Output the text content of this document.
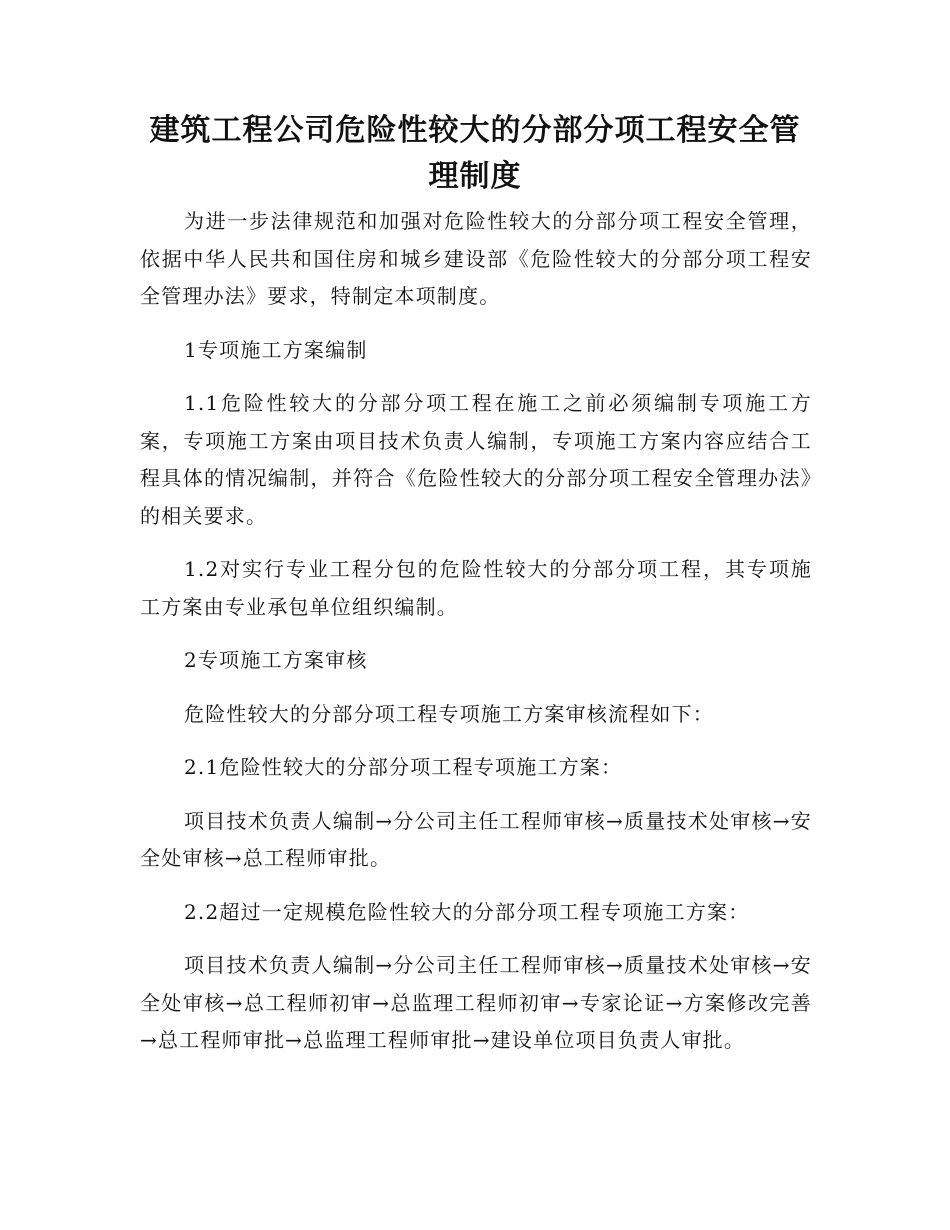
建筑工程公司危险性较大的分部分项工程安全管理制度

为进一步法律规范和加强对危险性较大的分部分项工程安全管理，依据中华人民共和国住房和城乡建设部《危险性较大的分部分项工程安全管理办法》要求，特制定本项制度。

1专项施工方案编制

1.1危险性较大的分部分项工程在施工之前必须编制专项施工方案，专项施工方案由项目技术负责人编制，专项施工方案内容应结合工程具体的情况编制，并符合《危险性较大的分部分项工程安全管理办法》的相关要求。

1.2对实行专业工程分包的危险性较大的分部分项工程，其专项施工方案由专业承包单位组织编制。

2专项施工方案审核

危险性较大的分部分项工程专项施工方案审核流程如下：

2.1危险性较大的分部分项工程专项施工方案：

项目技术负责人编制→分公司主任工程师审核→质量技术处审核→安全处审核→总工程师审批。

2.2超过一定规模危险性较大的分部分项工程专项施工方案：

项目技术负责人编制→分公司主任工程师审核→质量技术处审核→安全处审核→总工程师初审→总监理工程师初审→专家论证→方案修改完善→总工程师审批→总监理工程师审批→建设单位项目负责人审批。
